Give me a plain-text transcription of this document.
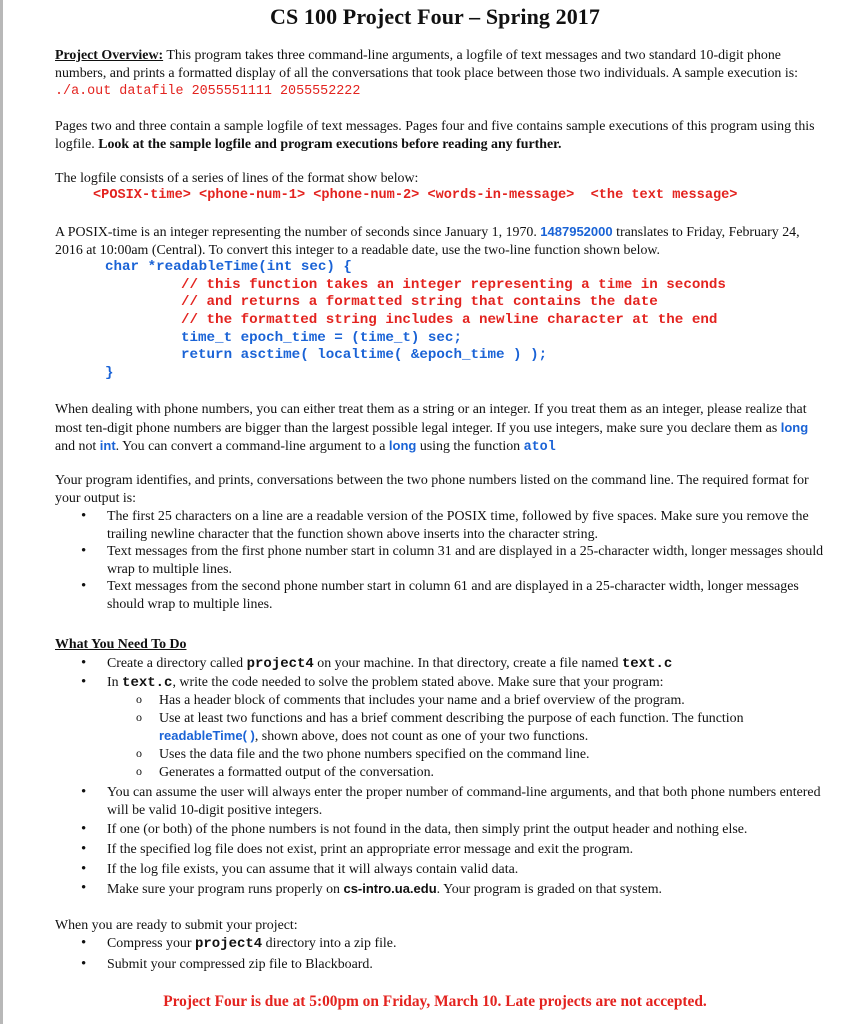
CS 100 Project Four – Spring 2017
Project Overview: This program takes three command-line arguments, a logfile of text messages and two standard 10-digit phone numbers, and prints a formatted display of all the conversations that took place between those two individuals. A sample execution is: ./a.out datafile 2055551111 2055552222
Pages two and three contain a sample logfile of text messages. Pages four and five contains sample executions of this program using this logfile. Look at the sample logfile and program executions before reading any further.
The logfile consists of a series of lines of the format show below:
<POSIX-time> <phone-num-1> <phone-num-2> <words-in-message>  <the text message>
A POSIX-time is an integer representing the number of seconds since January 1, 1970. 1487952000 translates to Friday, February 24, 2016 at 10:00am (Central). To convert this integer to a readable date, use the two-line function shown below.
char *readableTime(int sec) {
// this function takes an integer representing a time in seconds
// and returns a formatted string that contains the date
// the formatted string includes a newline character at the end
time_t epoch_time = (time_t) sec;
return asctime( localtime( &epoch_time ) );
}
When dealing with phone numbers, you can either treat them as a string or an integer. If you treat them as an integer, please realize that most ten-digit phone numbers are bigger than the largest possible legal integer. If you use integers, make sure you declare them as long and not int. You can convert a command-line argument to a long using the function atol
Your program identifies, and prints, conversations between the two phone numbers listed on the command line. The required format for your output is:
• The first 25 characters on a line are a readable version of the POSIX time, followed by five spaces. Make sure you remove the trailing newline character that the function shown above inserts into the character string.
• Text messages from the first phone number start in column 31 and are displayed in a 25-character width, longer messages should wrap to multiple lines.
• Text messages from the second phone number start in column 61 and are displayed in a 25-character width, longer messages should wrap to multiple lines.
What You Need To Do
• Create a directory called project4 on your machine. In that directory, create a file named text.c
• In text.c, write the code needed to solve the problem stated above. Make sure that your program:
o Has a header block of comments that includes your name and a brief overview of the program.
o Use at least two functions and has a brief comment describing the purpose of each function. The function readableTime( ), shown above, does not count as one of your two functions.
o Uses the data file and the two phone numbers specified on the command line.
o Generates a formatted output of the conversation.
• You can assume the user will always enter the proper number of command-line arguments, and that both phone numbers entered will be valid 10-digit positive integers.
• If one (or both) of the phone numbers is not found in the data, then simply print the output header and nothing else.
• If the specified log file does not exist, print an appropriate error message and exit the program.
• If the log file exists, you can assume that it will always contain valid data.
• Make sure your program runs properly on cs-intro.ua.edu. Your program is graded on that system.
When you are ready to submit your project:
• Compress your project4 directory into a zip file.
• Submit your compressed zip file to Blackboard.
Project Four is due at 5:00pm on Friday, March 10. Late projects are not accepted.
